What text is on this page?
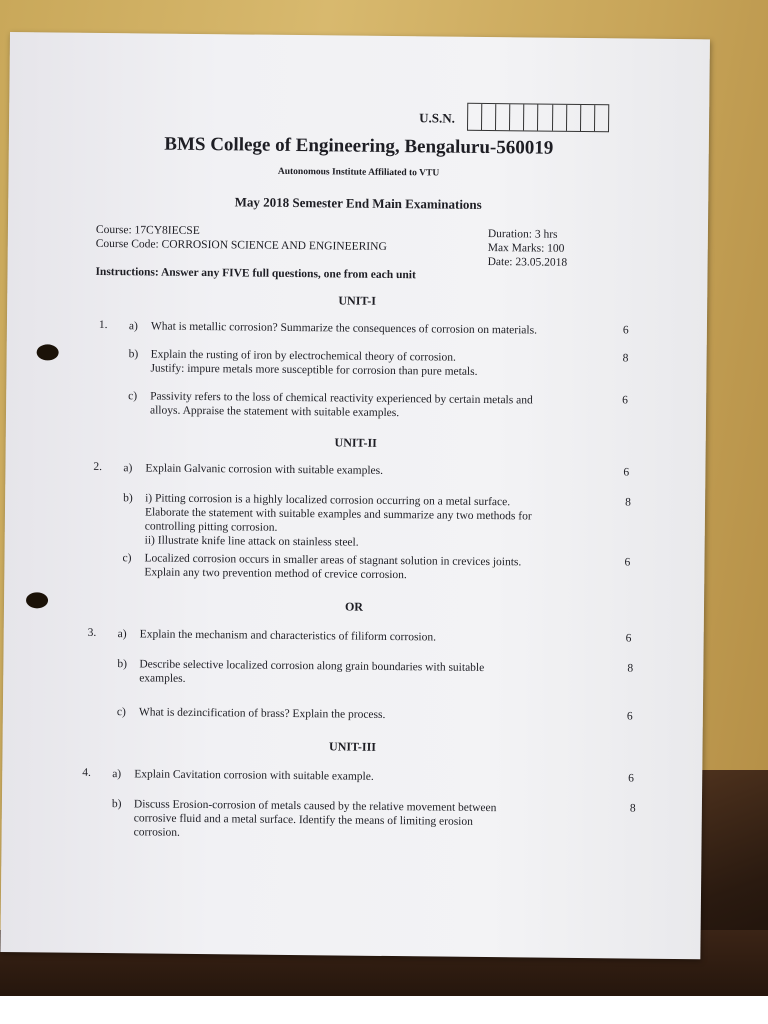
U.S.N.
BMS College of Engineering, Bengaluru-560019
Autonomous Institute Affiliated to VTU
May 2018 Semester End Main Examinations
Course: 17CY8IECSE
Course Code: CORROSION SCIENCE AND ENGINEERING
Duration: 3 hrs
Max Marks: 100
Date: 23.05.2018
Instructions: Answer any FIVE full questions, one from each unit
UNIT-I
1. a) What is metallic corrosion? Summarize the consequences of corrosion on materials.	6
b) Explain the rusting of iron by electrochemical theory of corrosion.
Justify: impure metals more susceptible for corrosion than pure metals.
8
c) Passivity refers to the loss of chemical reactivity experienced by certain metals and
alloys. Appraise the statement with suitable examples.
6
UNIT-II
2. a) Explain Galvanic corrosion with suitable examples.	6
b) i) Pitting corrosion is a highly localized corrosion occurring on a metal surface.
Elaborate the statement with suitable examples and summarize any two methods for
controlling pitting corrosion.
ii) Illustrate knife line attack on stainless steel.
8
c) Localized corrosion occurs in smaller areas of stagnant solution in crevices joints.
Explain any two prevention method of crevice corrosion.
6
OR
3. a) Explain the mechanism and characteristics of filiform corrosion.	6
b) Describe selective localized corrosion along grain boundaries with suitable
examples.
8
c) What is dezincification of brass? Explain the process.	6
UNIT-III
4. a) Explain Cavitation corrosion with suitable example.	6
b) Discuss Erosion-corrosion of metals caused by the relative movement between
corrosive fluid and a metal surface. Identify the means of limiting erosion
corrosion.
8
